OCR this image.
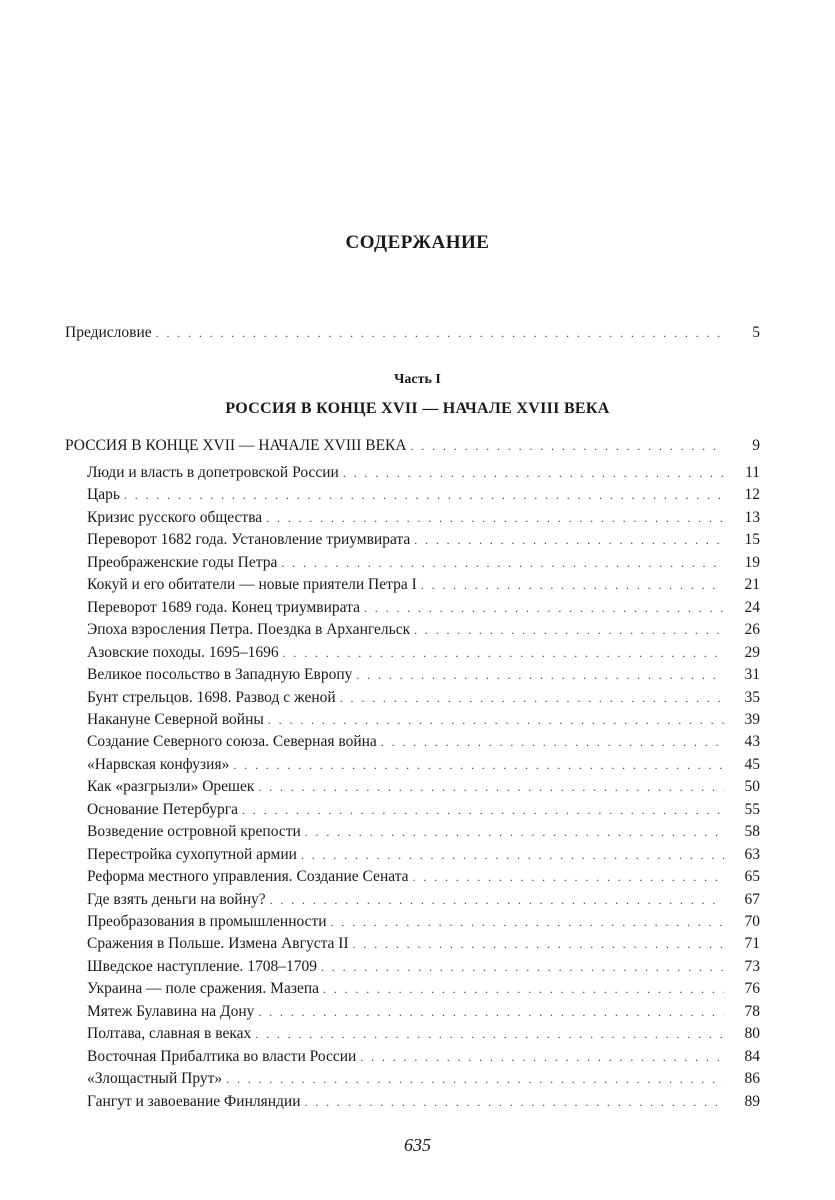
СОДЕРЖАНИЕ
Предисловие . . .	5
Часть I
РОССИЯ В КОНЦЕ XVII — НАЧАЛЕ XVIII ВЕКА
РОССИЯ В КОНЦЕ XVII — НАЧАЛЕ XVIII ВЕКА . . .	9
Люди и власть в допетровской России . . .	11
Царь . . .	12
Кризис русского общества . . .	13
Переворот 1682 года. Установление триумвирата . . .	15
Преображенские годы Петра . . .	19
Кокуй и его обитатели — новые приятели Петра I . . .	21
Переворот 1689 года. Конец триумвирата . . .	24
Эпоха взросления Петра. Поездка в Архангельск . . .	26
Азовские походы. 1695–1696 . . .	29
Великое посольство в Западную Европу . . .	31
Бунт стрельцов. 1698. Развод с женой . . .	35
Накануне Северной войны . . .	39
Создание Северного союза. Северная война . . .	43
«Нарвская конфузия» . . .	45
Как «разгрызли» Орешек . . .	50
Основание Петербурга . . .	55
Возведение островной крепости . . .	58
Перестройка сухопутной армии . . .	63
Реформа местного управления. Создание Сената . . .	65
Где взять деньги на войну? . . .	67
Преобразования в промышленности . . .	70
Сражения в Польше. Измена Августа II . . .	71
Шведское наступление. 1708–1709 . . .	73
Украина — поле сражения. Мазепа . . .	76
Мятеж Булавина на Дону . . .	78
Полтава, славная в веках . . .	80
Восточная Прибалтика во власти России . . .	84
«Злощастный Прут» . . .	86
Гангут и завоевание Финляндии . . .	89
635
